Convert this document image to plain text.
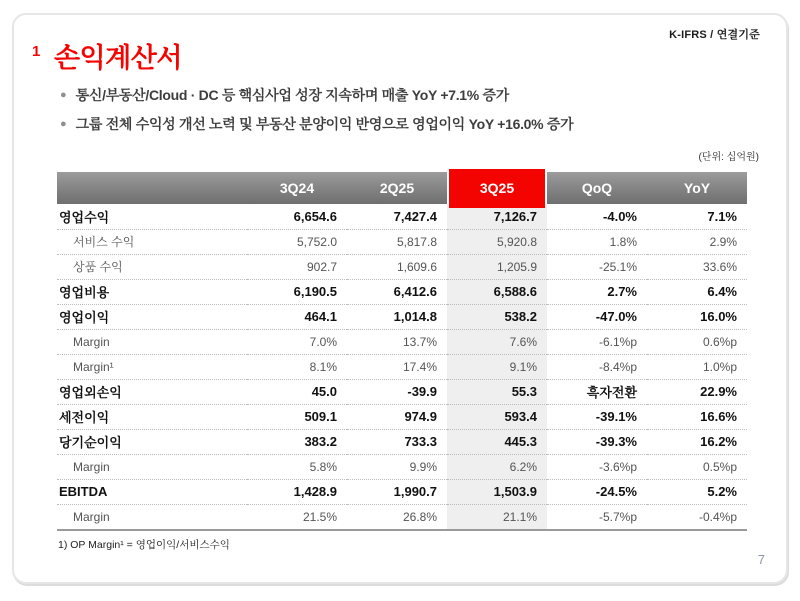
K-IFRS / 연결기준
1 손익계산서
● 통신/부동산/Cloud · DC 등 핵심사업 성장 지속하며 매출 YoY +7.1% 증가
● 그룹 전체 수익성 개선 노력 및 부동산 분양이익 반영으로 영업이익 YoY +16.0% 증가
(단위: 십억원)
	3Q24	2Q25	3Q25	QoQ	YoY
영업수익	6,654.6	7,427.4	7,126.7	-4.0%	7.1%
서비스 수익	5,752.0	5,817.8	5,920.8	1.8%	2.9%
상품 수익	902.7	1,609.6	1,205.9	-25.1%	33.6%
영업비용	6,190.5	6,412.6	6,588.6	2.7%	6.4%
영업이익	464.1	1,014.8	538.2	-47.0%	16.0%
Margin	7.0%	13.7%	7.6%	-6.1%p	0.6%p
Margin¹	8.1%	17.4%	9.1%	-8.4%p	1.0%p
영업외손익	45.0	-39.9	55.3	흑자전환	22.9%
세전이익	509.1	974.9	593.4	-39.1%	16.6%
당기순이익	383.2	733.3	445.3	-39.3%	16.2%
Margin	5.8%	9.9%	6.2%	-3.6%p	0.5%p
EBITDA	1,428.9	1,990.7	1,503.9	-24.5%	5.2%
Margin	21.5%	26.8%	21.1%	-5.7%p	-0.4%p
1) OP Margin¹ = 영업이익/서비스수익
7
